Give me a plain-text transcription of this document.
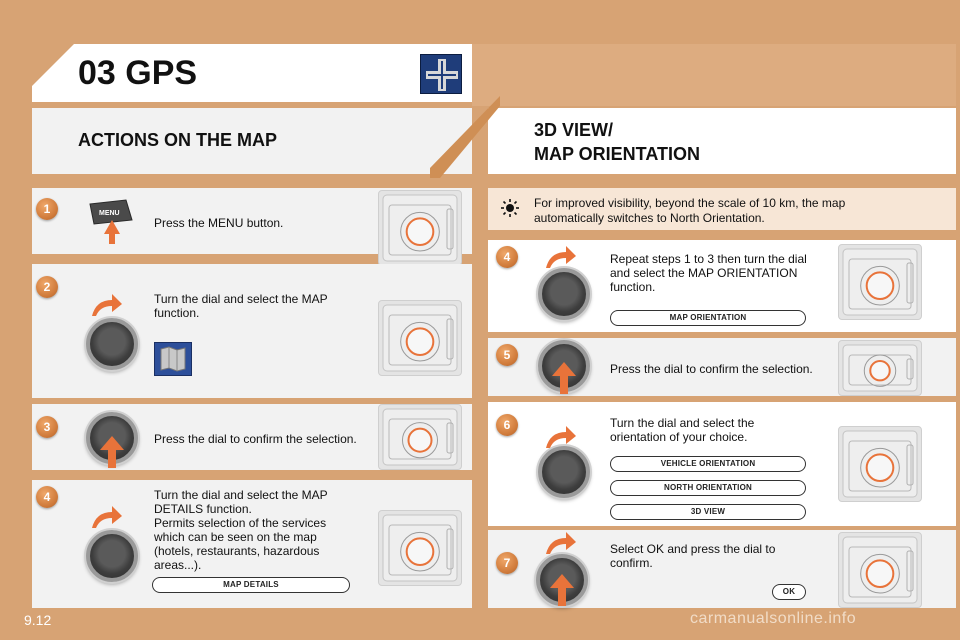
03 GPS
ACTIONS ON THE MAP	3D VIEW/
MAP ORIENTATION
For improved visibility, beyond the scale of 10 km, the map
automatically switches to North Orientation.
1	MENU
Press the MENU button.
2
Turn the dial and select the MAP
function.
3
Press the dial to confirm the selection.
4	Turn the dial and select the MAP
DETAILS function.
Permits selection of the services
which can be seen on the map
(hotels, restaurants, hazardous
areas...).
MAP DETAILS
4	Repeat steps 1 to 3 then turn the dial
and select the MAP ORIENTATION
function.
MAP ORIENTATION
5
Press the dial to confirm the selection.
6	Turn the dial and select the
orientation of your choice.
VEHICLE ORIENTATION
NORTH ORIENTATION
3D VIEW
7
Select OK and press the dial to
confirm.
OK
9.12	carmanualsonline.info
